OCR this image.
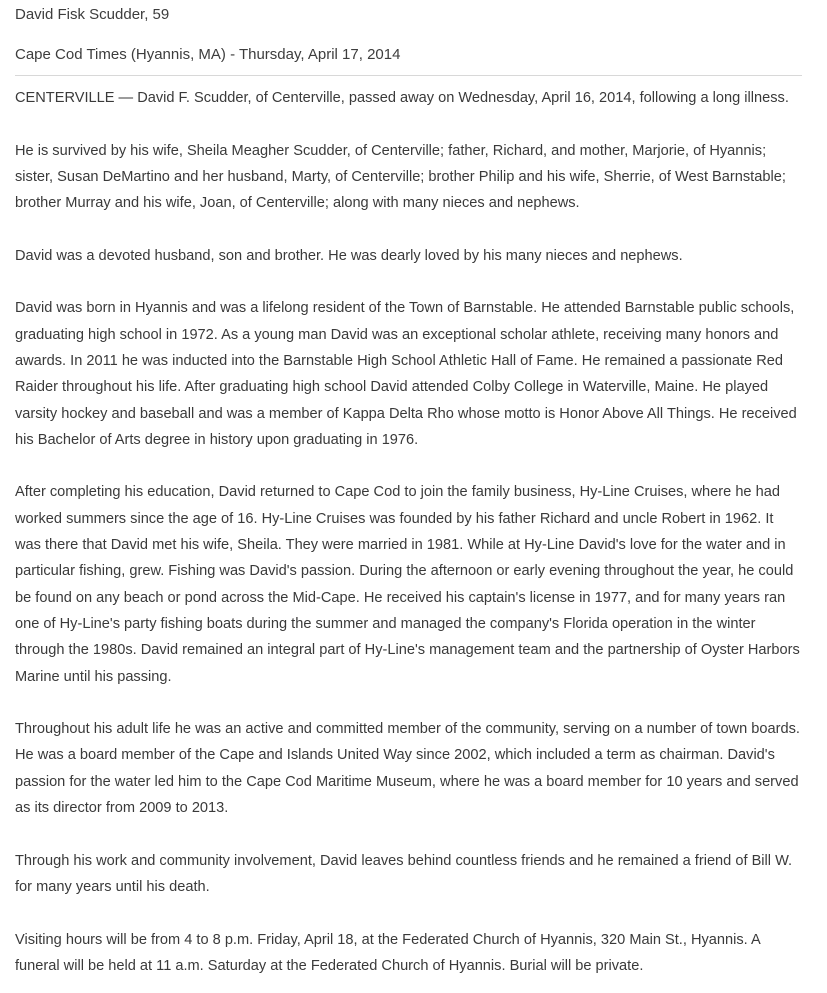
David Fisk Scudder, 59
Cape Cod Times (Hyannis, MA) - Thursday, April 17, 2014

CENTERVILLE — David F. Scudder, of Centerville, passed away on Wednesday, April 16, 2014, following a long illness.

He is survived by his wife, Sheila Meagher Scudder, of Centerville; father, Richard, and mother, Marjorie, of Hyannis; sister, Susan DeMartino and her husband, Marty, of Centerville; brother Philip and his wife, Sherrie, of West Barnstable; brother Murray and his wife, Joan, of Centerville; along with many nieces and nephews.

David was a devoted husband, son and brother. He was dearly loved by his many nieces and nephews.

David was born in Hyannis and was a lifelong resident of the Town of Barnstable. He attended Barnstable public schools, graduating high school in 1972. As a young man David was an exceptional scholar athlete, receiving many honors and awards. In 2011 he was inducted into the Barnstable High School Athletic Hall of Fame. He remained a passionate Red Raider throughout his life. After graduating high school David attended Colby College in Waterville, Maine. He played varsity hockey and baseball and was a member of Kappa Delta Rho whose motto is Honor Above All Things. He received his Bachelor of Arts degree in history upon graduating in 1976.

After completing his education, David returned to Cape Cod to join the family business, Hy-Line Cruises, where he had worked summers since the age of 16. Hy-Line Cruises was founded by his father Richard and uncle Robert in 1962. It was there that David met his wife, Sheila. They were married in 1981. While at Hy-Line David's love for the water and in particular fishing, grew. Fishing was David's passion. During the afternoon or early evening throughout the year, he could be found on any beach or pond across the Mid-Cape. He received his captain's license in 1977, and for many years ran one of Hy-Line's party fishing boats during the summer and managed the company's Florida operation in the winter through the 1980s. David remained an integral part of Hy-Line's management team and the partnership of Oyster Harbors Marine until his passing.

Throughout his adult life he was an active and committed member of the community, serving on a number of town boards. He was a board member of the Cape and Islands United Way since 2002, which included a term as chairman. David's passion for the water led him to the Cape Cod Maritime Museum, where he was a board member for 10 years and served as its director from 2009 to 2013.

Through his work and community involvement, David leaves behind countless friends and he remained a friend of Bill W. for many years until his death.

Visiting hours will be from 4 to 8 p.m. Friday, April 18, at the Federated Church of Hyannis, 320 Main St., Hyannis. A funeral will be held at 11 a.m. Saturday at the Federated Church of Hyannis. Burial will be private.
